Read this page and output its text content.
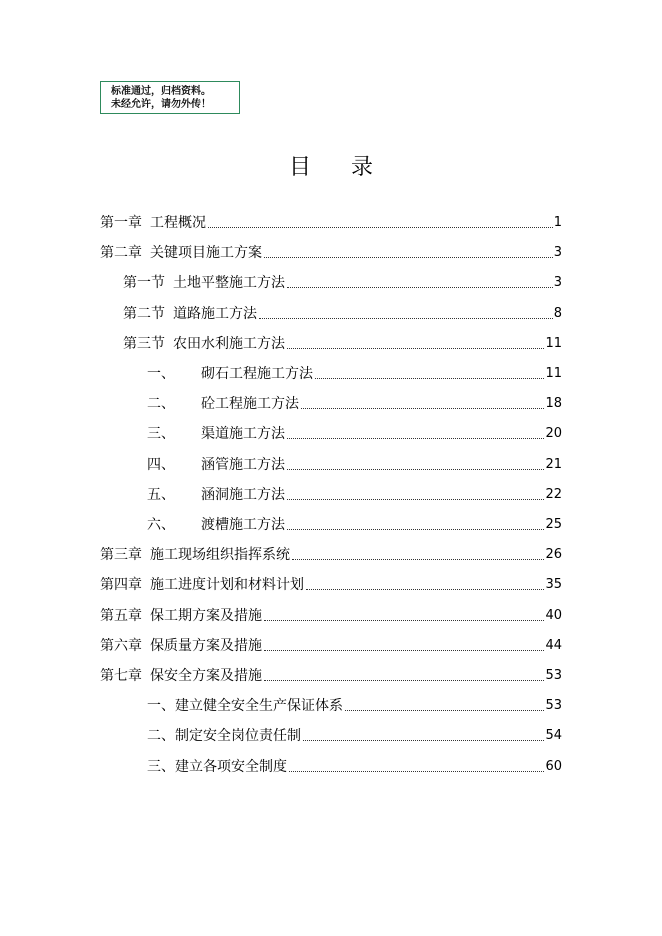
标准通过，归档资料。
未经允许，请勿外传！
目录
第一章 工程概况	1
第二章 关键项目施工方案	3
第一节 土地平整施工方法	3
第二节 道路施工方法	8
第三节 农田水利施工方法	11
一、	砌石工程施工方法	11
二、	砼工程施工方法	18
三、	渠道施工方法	20
四、	涵管施工方法	21
五、	涵洞施工方法	22
六、	渡槽施工方法	25
第三章 施工现场组织指挥系统	26
第四章 施工进度计划和材料计划	35
第五章 保工期方案及措施	40
第六章 保质量方案及措施	44
第七章 保安全方案及措施	53
一、 建立健全安全生产保证体系	53
二、 制定安全岗位责任制	54
三、 建立各项安全制度	60
